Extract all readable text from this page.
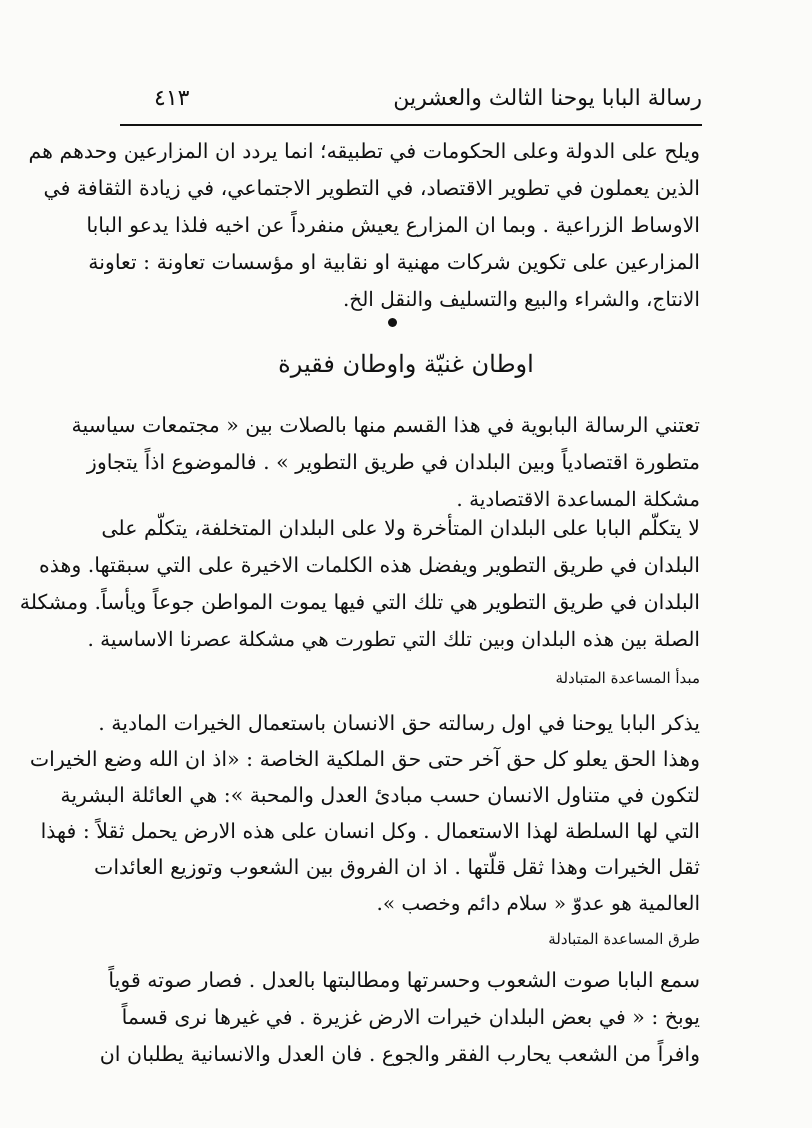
رسالة البابا يوحنا الثالث والعشرين
٤١٣
ويلح على الدولة وعلى الحكومات في تطبيقه؛ انما يردد ان المزارعين وحدهم هم
الذين يعملون في تطوير الاقتصاد، في التطوير الاجتماعي، في زيادة الثقافة في
الاوساط الزراعية . وبما ان المزارع يعيش منفرداً عن اخيه فلذا يدعو البابا
المزارعين على تكوين شركات مهنية او نقابية او مؤسسات تعاونة : تعاونة
الانتاج، والشراء والبيع والتسليف والنقل الخ.
اوطان غنيّة واوطان فقيرة
تعتني الرسالة البابوية في هذا القسم منها بالصلات بين « مجتمعات سياسية
متطورة اقتصادياً وبين البلدان في طريق التطوير » . فالموضوع اذاً يتجاوز
مشكلة المساعدة الاقتصادية .
لا يتكلّم البابا على البلدان المتأخرة ولا على البلدان المتخلفة، يتكلّم على
البلدان في طريق التطوير ويفضل هذه الكلمات الاخيرة على التي سبقتها. وهذه
البلدان في طريق التطوير هي تلك التي فيها يموت المواطن جوعاً ويأساً. ومشكلة
الصلة بين هذه البلدان وبين تلك التي تطورت هي مشكلة عصرنا الاساسية .
مبدأ المساعدة المتبادلة
يذكر البابا يوحنا في اول رسالته حق الانسان باستعمال الخيرات المادية .
وهذا الحق يعلو كل حق آخر حتى حق الملكية الخاصة : «اذ ان الله وضع الخيرات
لتكون في متناول الانسان حسب مبادئ العدل والمحبة »: هي العائلة البشرية
التي لها السلطة لهذا الاستعمال . وكل انسان على هذه الارض يحمل ثقلاً : فهذا
ثقل الخيرات وهذا ثقل قلّتها . اذ ان الفروق بين الشعوب وتوزيع العائدات
العالمية هو عدوّ « سلام دائم وخصب ».
طرق المساعدة المتبادلة
سمع البابا صوت الشعوب وحسرتها ومطالبتها بالعدل . فصار صوته قوياً
يوبخ : « في بعض البلدان خيرات الارض غزيرة . في غيرها نرى قسماً
وافراً من الشعب يحارب الفقر والجوع . فان العدل والانسانية يطلبان ان
